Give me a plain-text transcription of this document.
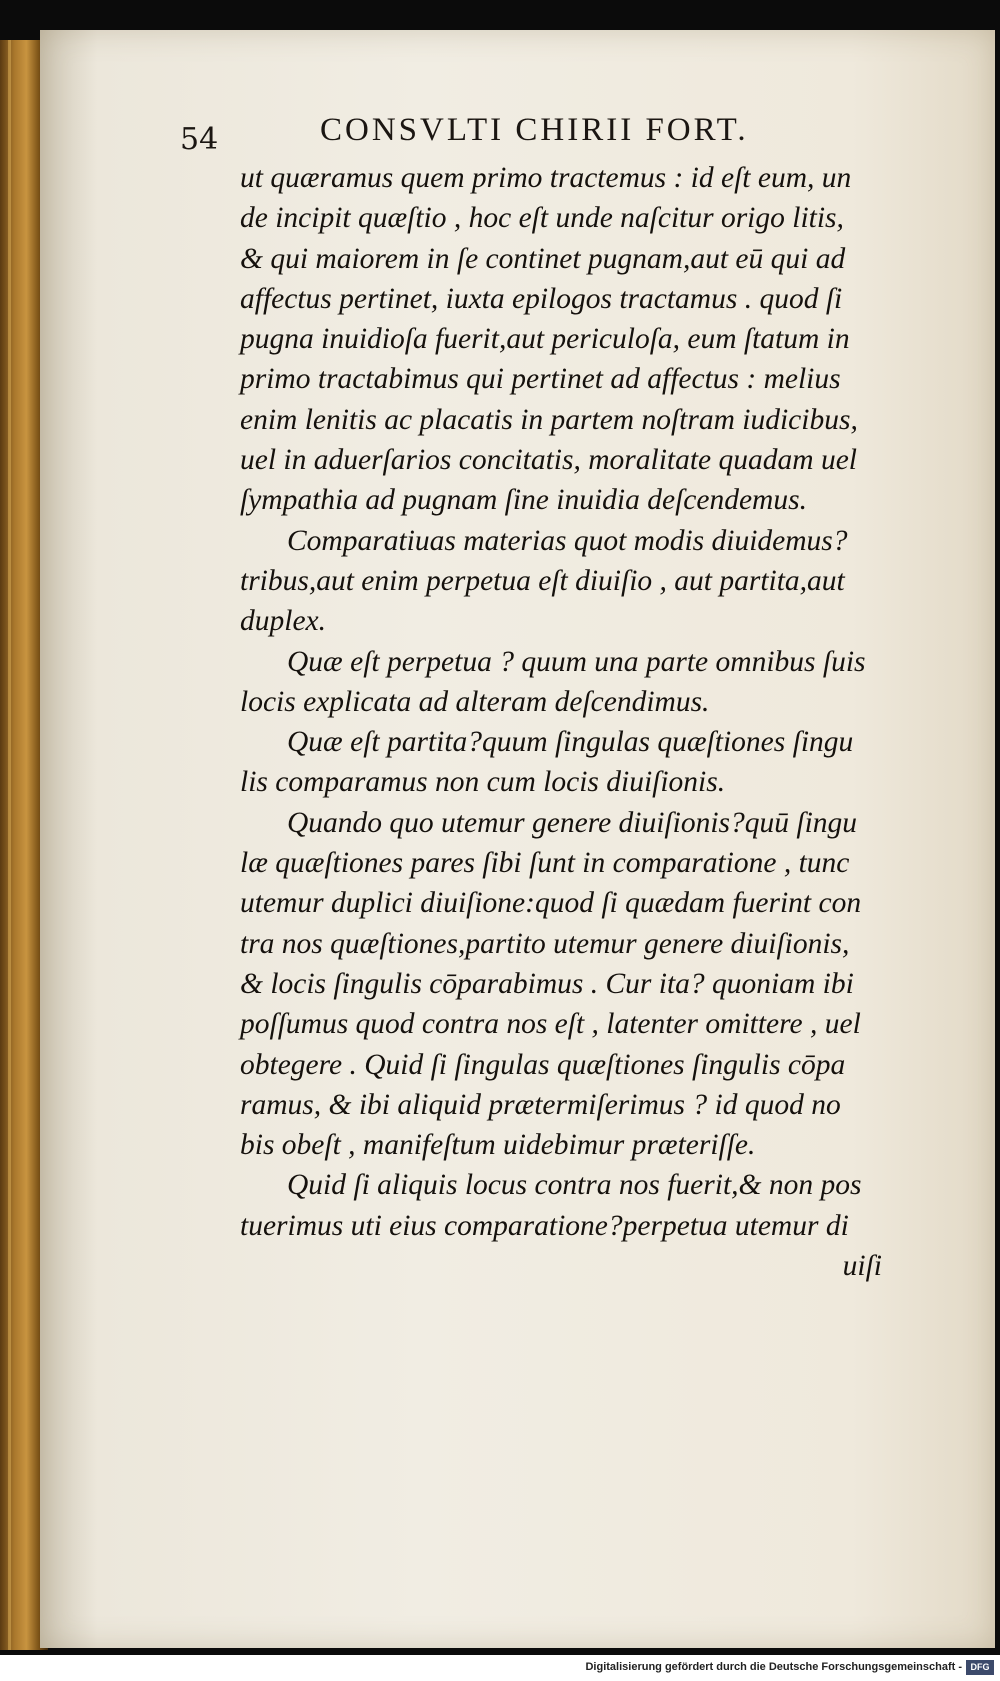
54	CONSVLTI CHIRII FORT.
ut quæramus quem primo tractemus : id eſt eum, un
de incipit quæſtio , hoc eſt unde naſcitur origo litis,
& qui maiorem in ſe continet pugnam,aut eū qui ad
affectus pertinet, iuxta epilogos tractamus . quod ſi
pugna inuidioſa fuerit,aut periculoſa, eum ſtatum in
primo tractabimus qui pertinet ad affectus : melius
enim lenitis ac placatis in partem noſtram iudicibus,
uel in aduerſarios concitatis, moralitate quadam uel
ſympathia ad pugnam ſine inuidia deſcendemus.
Comparatiuas materias quot modis diuidemus?
tribus,aut enim perpetua eſt diuiſio , aut partita,aut
duplex.
Quæ eſt perpetua ? quum una parte omnibus ſuis
locis explicata ad alteram deſcendimus.
Quæ eſt partita?quum ſingulas quæſtiones ſingu
lis comparamus non cum locis diuiſionis.
Quando quo utemur genere diuiſionis?quū ſingu
læ quæſtiones pares ſibi ſunt in comparatione , tunc
utemur duplici diuiſione:quod ſi quædam fuerint con
tra nos quæſtiones,partito utemur genere diuiſionis,
& locis ſingulis cōparabimus . Cur ita? quoniam ibi
poſſumus quod contra nos eſt , latenter omittere , uel
obtegere . Quid ſi ſingulas quæſtiones ſingulis cōpa
ramus, & ibi aliquid prætermiſerimus ? id quod no
bis obeſt , manifeſtum uidebimur præteriſſe.
Quid ſi aliquis locus contra nos fuerit,& non pos
tuerimus uti eius comparatione?perpetua utemur di
uiſi
Digitalisierung gefördert durch die Deutsche Forschungsgemeinschaft - DFG
